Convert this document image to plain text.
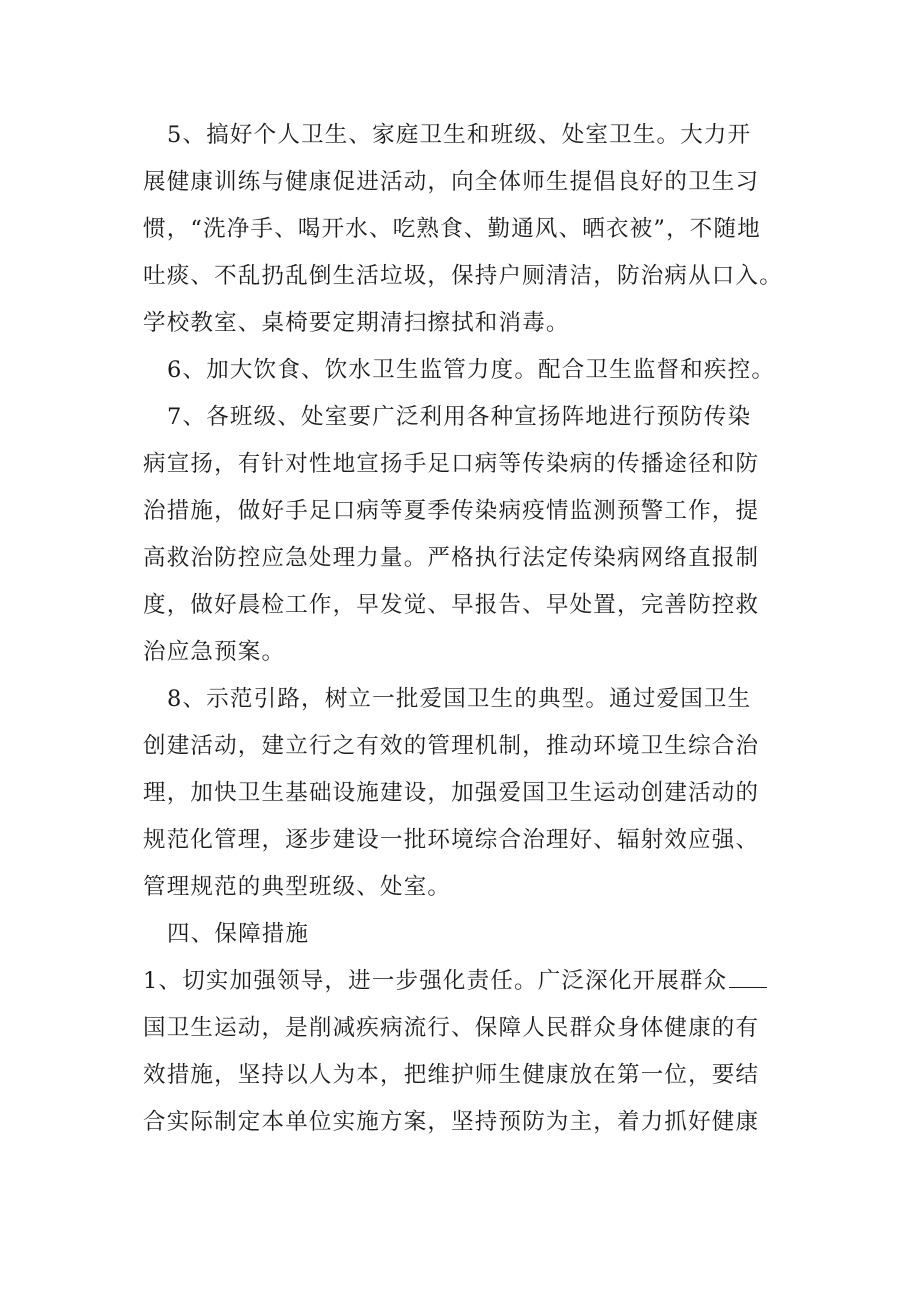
5、搞好个人卫生、家庭卫生和班级、处室卫生。大力开
展健康训练与健康促进活动，向全体师生提倡良好的卫生习
惯，“洗净手、喝开水、吃熟食、勤通风、晒衣被”，不随地
吐痰、不乱扔乱倒生活垃圾，保持户厕清洁，防治病从口入。
学校教室、桌椅要定期清扫擦拭和消毒。
6、加大饮食、饮水卫生监管力度。配合卫生监督和疾控。
7、各班级、处室要广泛利用各种宣扬阵地进行预防传染
病宣扬，有针对性地宣扬手足口病等传染病的传播途径和防
治措施，做好手足口病等夏季传染病疫情监测预警工作，提
高救治防控应急处理力量。严格执行法定传染病网络直报制
度，做好晨检工作，早发觉、早报告、早处置，完善防控救
治应急预案。
8、示范引路，树立一批爱国卫生的典型。通过爱国卫生
创建活动，建立行之有效的管理机制，推动环境卫生综合治
理，加快卫生基础设施建设，加强爱国卫生运动创建活动的
规范化管理，逐步建设一批环境综合治理好、辐射效应强、
管理规范的典型班级、处室。
四、保障措施
1、切实加强领导，进一步强化责任。广泛深化开展群众
国卫生运动，是削减疾病流行、保障人民群众身体健康的有
效措施，坚持以人为本，把维护师生健康放在第一位，要结
合实际制定本单位实施方案，坚持预防为主，着力抓好健康
